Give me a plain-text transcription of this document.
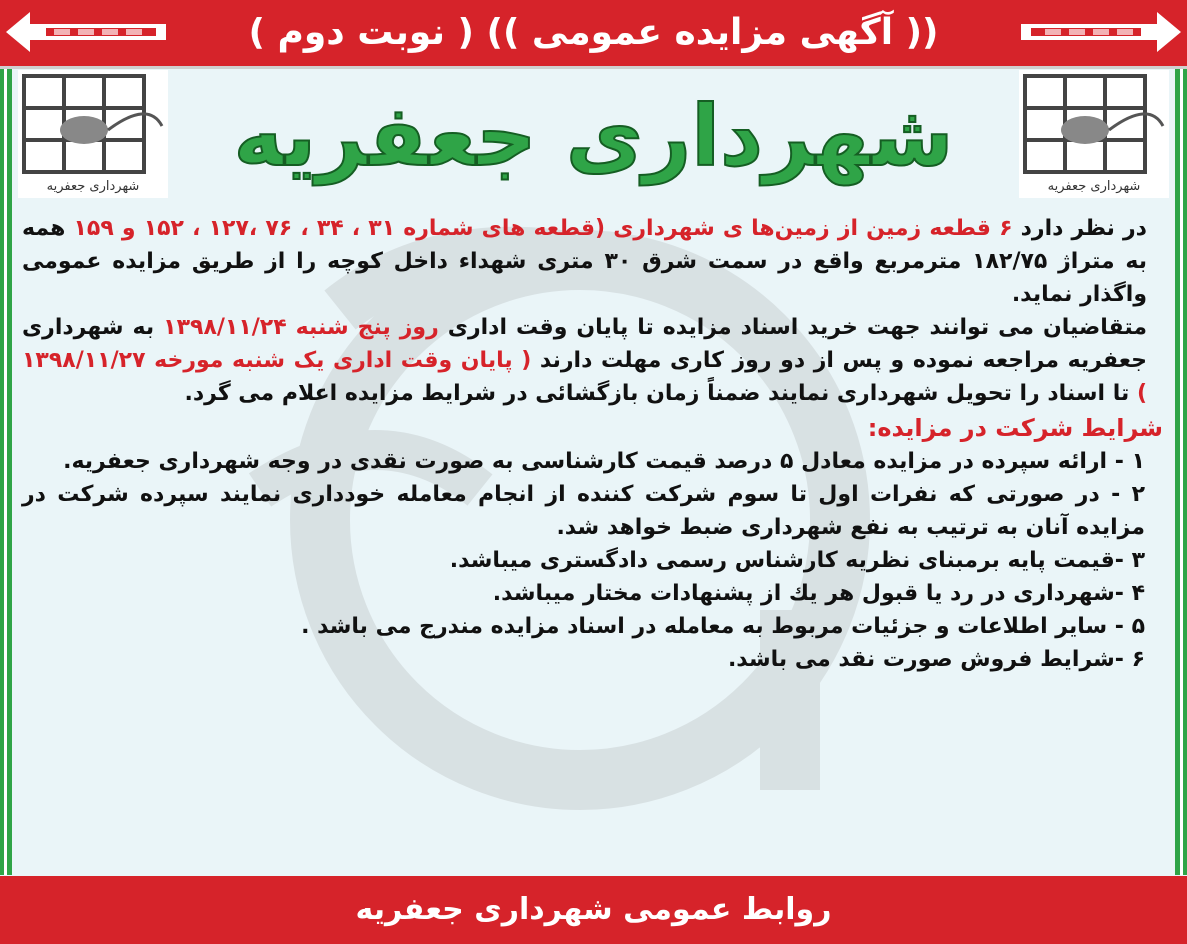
(( آگهی مزایده عمومی )) ( نوبت دوم )
شهرداری جعفریه
شهرداری جعفریه
شهرداری جعفریه

در نظر دارد ۶ قطعه زمین از زمین‌ها ی شهرداری (قطعه های شماره ۳۱ ، ۳۴ ، ۷۶ ،۱۲۷ ، ۱۵۲ و ۱۵۹ همه به متراژ ۱۸۲/۷۵ مترمربع واقع در سمت شرق ۳۰ متری شهداء داخل کوچه را از طریق مزایده عمومی واگذار نماید.

متقاضیان می توانند جهت خرید اسناد مزایده تا پایان وقت اداری روز پنج شنبه ۱۳۹۸/۱۱/۲۴ به شهرداری جعفریه مراجعه نموده و پس از دو روز کاری مهلت دارند ( پایان وقت اداری یک شنبه مورخه ۱۳۹۸/۱۱/۲۷ ) تا اسناد را تحویل شهرداری نمایند ضمناً زمان بازگشائی در شرایط مزایده اعلام می گرد.

شرایط شرکت در مزایده:

۱ - ارائه سپرده در مزایده معادل ۵ درصد قیمت کارشناسی به صورت نقدی در وجه شهرداری جعفریه.

۲ - در صورتی که نفرات اول تا سوم شرکت کننده از انجام معامله خودداری نمایند سپرده شرکت در مزایده آنان به ترتیب به نفع شهرداری ضبط خواهد شد.

۳ -قیمت پایه برمبنای نظریه کارشناس رسمی دادگستری میباشد.

۴ -شهرداری در رد یا قبول هر یك از پشنهادات مختار میباشد.

۵ - سایر اطلاعات و جزئیات مربوط به معامله در اسناد مزایده مندرج می باشد .

۶ -شرایط فروش صورت نقد می باشد.

روابط عمومی شهرداری جعفریه
